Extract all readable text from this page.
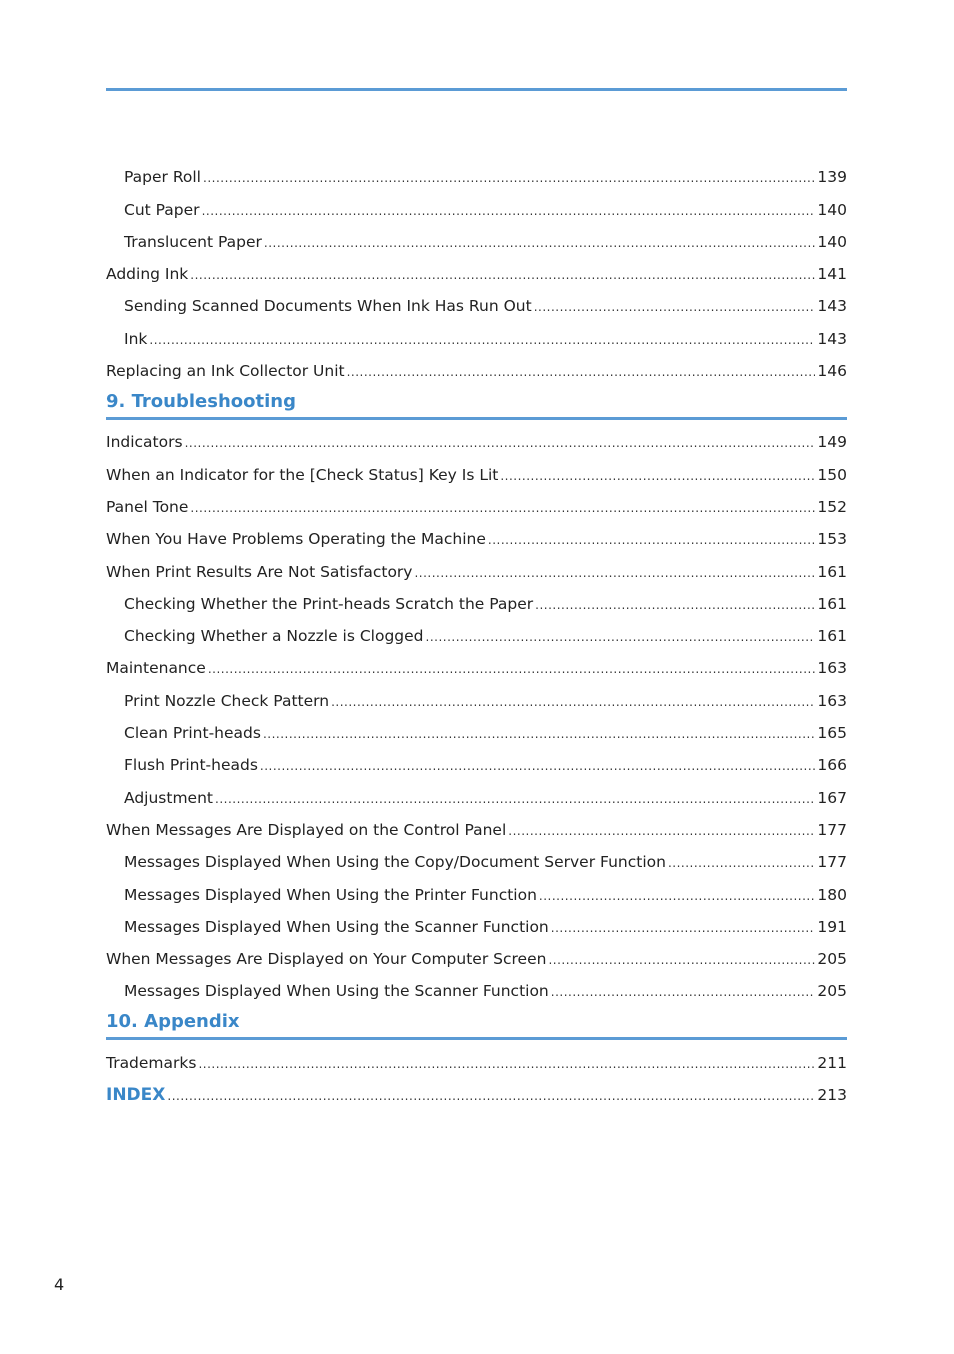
Paper Roll .....	139
Cut Paper .....	140
Translucent Paper .....	140
Adding Ink .....	141
Sending Scanned Documents When Ink Has Run Out .....	143
Ink .....	143
Replacing an Ink Collector Unit .....	146
9. Troubleshooting
Indicators .....	149
When an Indicator for the [Check Status] Key Is Lit .....	150
Panel Tone .....	152
When You Have Problems Operating the Machine .....	153
When Print Results Are Not Satisfactory .....	161
Checking Whether the Print-heads Scratch the Paper .....	161
Checking Whether a Nozzle is Clogged .....	161
Maintenance .....	163
Print Nozzle Check Pattern .....	163
Clean Print-heads .....	165
Flush Print-heads .....	166
Adjustment .....	167
When Messages Are Displayed on the Control Panel .....	177
Messages Displayed When Using the Copy/Document Server Function .....	177
Messages Displayed When Using the Printer Function .....	180
Messages Displayed When Using the Scanner Function .....	191
When Messages Are Displayed on Your Computer Screen .....	205
Messages Displayed When Using the Scanner Function .....	205
10. Appendix
Trademarks .....	211
INDEX .....	213
4
